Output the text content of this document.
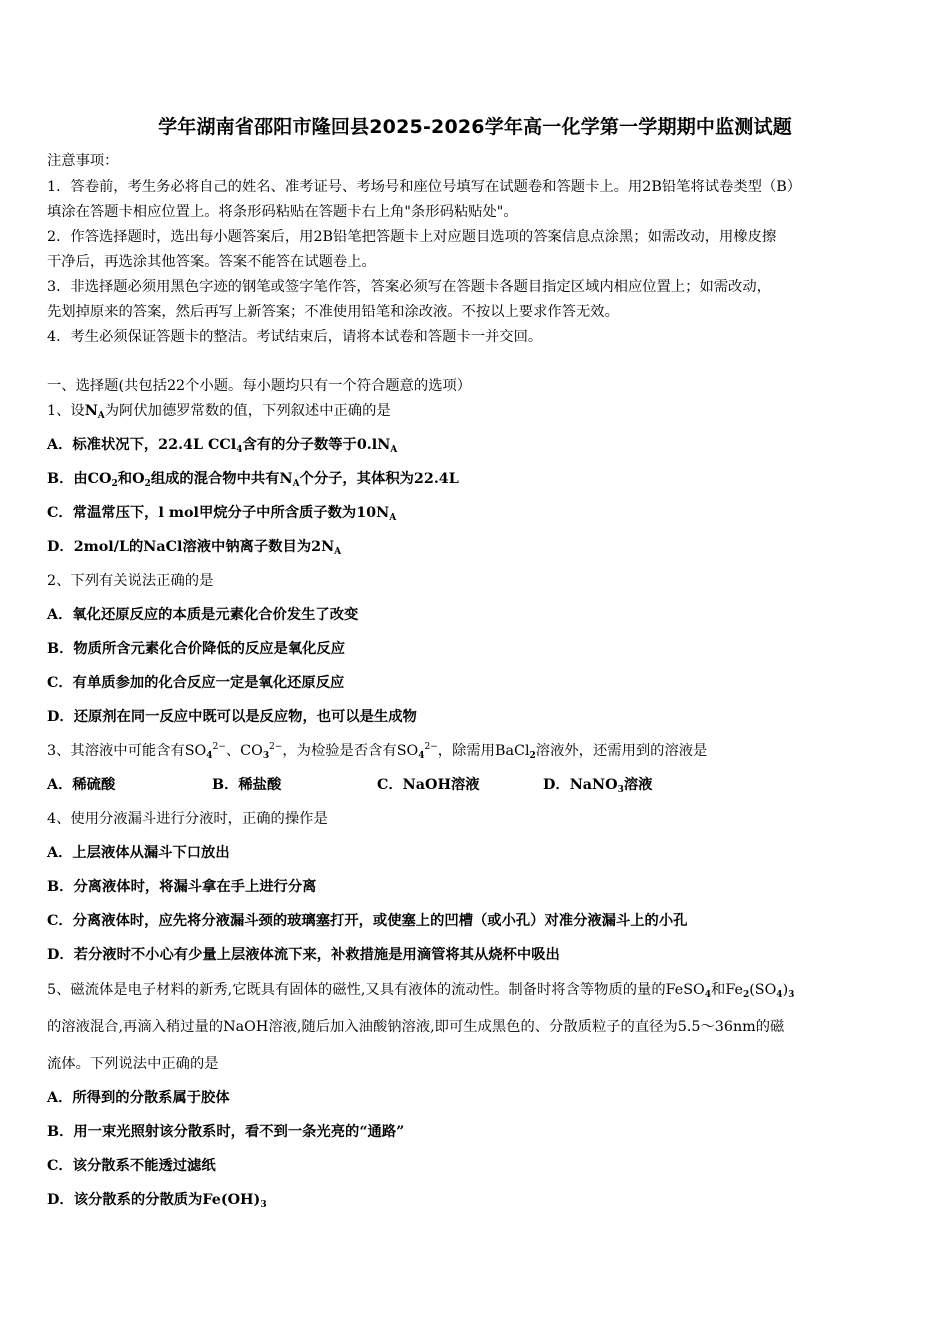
学年湖南省邵阳市隆回县2025-2026学年高一化学第一学期期中监测试题
注意事项：
1．答卷前，考生务必将自己的姓名、准考证号、考场号和座位号填写在试题卷和答题卡上。用2B铅笔将试卷类型（B）
填涂在答题卡相应位置上。将条形码粘贴在答题卡右上角"条形码粘贴处"。
2．作答选择题时，选出每小题答案后，用2B铅笔把答题卡上对应题目选项的答案信息点涂黑；如需改动，用橡皮擦
干净后，再选涂其他答案。答案不能答在试题卷上。
3．非选择题必须用黑色字迹的钢笔或签字笔作答，答案必须写在答题卡各题目指定区域内相应位置上；如需改动，
先划掉原来的答案，然后再写上新答案；不准使用铅笔和涂改液。不按以上要求作答无效。
4．考生必须保证答题卡的整洁。考试结束后，请将本试卷和答题卡一并交回。
一、选择题(共包括22个小题。每小题均只有一个符合题意的选项）
1、设$N_A$为阿伏加德罗常数的值，下列叙述中正确的是
A．标准状况下，22.4L CCl$_4$含有的分子数等于$0.lN_A$
B．由$CO_2$和$O_2$组成的混合物中共有$N_A$个分子，其体积为22.4L
C．常温常压下，l mol甲烷分子中所含质子数为$10N_A$
D．2mol/L的NaCl溶液中钠离子数目为$2N_A$
2、下列有关说法正确的是
A．氧化还原反应的本质是元素化合价发生了改变
B．物质所含元素化合价降低的反应是氧化反应
C．有单质参加的化合反应一定是氧化还原反应
D．还原剂在同一反应中既可以是反应物，也可以是生成物
3、其溶液中可能含有$SO_4^{2-}$、$CO_3^{2-}$，为检验是否含有$SO_4^{2-}$，除需用BaCl$_2$溶液外，还需用到的溶液是
A．稀硫酸	B．稀盐酸	C．NaOH溶液	D．NaNO$_3$溶液
4、使用分液漏斗进行分液时，正确的操作是
A．上层液体从漏斗下口放出
B．分离液体时，将漏斗拿在手上进行分离
C．分离液体时，应先将分液漏斗颈的玻璃塞打开，或使塞上的凹槽（或小孔）对准分液漏斗上的小孔
D．若分液时不小心有少量上层液体流下来，补救措施是用滴管将其从烧杯中吸出
5、磁流体是电子材料的新秀,它既具有固体的磁性,又具有液体的流动性。制备时将含等物质的量的FeSO$_4$和$Fe_2(SO_4)_3$
的溶液混合,再滴入稍过量的NaOH溶液,随后加入油酸钠溶液,即可生成黑色的、分散质粒子的直径为5.5～36nm的磁
流体。下列说法中正确的是
A．所得到的分散系属于胶体
B．用一束光照射该分散系时，看不到一条光亮的“通路”
C．该分散系不能透过滤纸
D．该分散系的分散质为$Fe(OH)_3$
